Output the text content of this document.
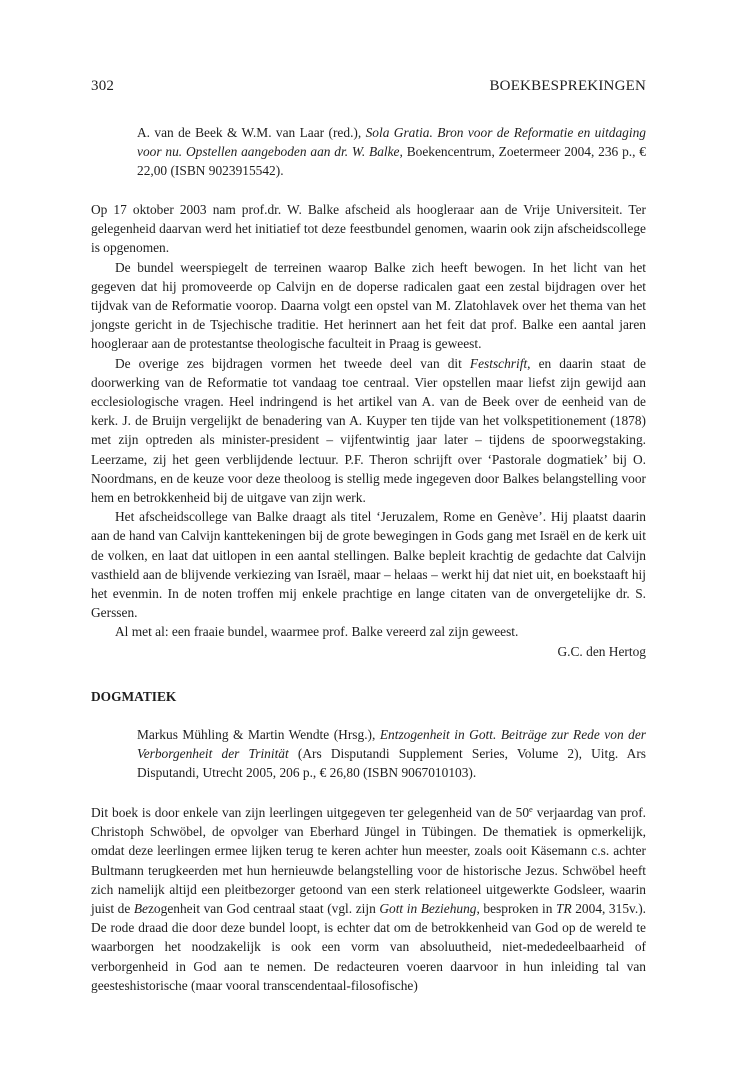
302	BOEKBESPREKINGEN

A. van de Beek & W.M. van Laar (red.), Sola Gratia. Bron voor de Reformatie en uitdaging voor nu. Opstellen aangeboden aan dr. W. Balke, Boekencentrum, Zoetermeer 2004, 236 p., € 22,00 (ISBN 9023915542).

Op 17 oktober 2003 nam prof.dr. W. Balke afscheid als hoogleraar aan de Vrije Universiteit. Ter gelegenheid daarvan werd het initiatief tot deze feestbundel genomen, waarin ook zijn afscheidscollege is opgenomen.

De bundel weerspiegelt de terreinen waarop Balke zich heeft bewogen. In het licht van het gegeven dat hij promoveerde op Calvijn en de doperse radicalen gaat een zestal bijdragen over het tijdvak van de Reformatie voorop. Daarna volgt een opstel van M. Zlatohlavek over het thema van het jongste gericht in de Tsjechische traditie. Het herinnert aan het feit dat prof. Balke een aantal jaren hoogleraar aan de protestantse theologische faculteit in Praag is geweest.

De overige zes bijdragen vormen het tweede deel van dit Festschrift, en daarin staat de doorwerking van de Reformatie tot vandaag toe centraal. Vier opstellen maar liefst zijn gewijd aan ecclesiologische vragen. Heel indringend is het artikel van A. van de Beek over de eenheid van de kerk. J. de Bruijn vergelijkt de benadering van A. Kuyper ten tijde van het volkspetitionement (1878) met zijn optreden als minister-president – vijfentwintig jaar later – tijdens de spoorwegstaking. Leerzame, zij het geen verblijdende lectuur. P.F. Theron schrijft over ‘Pastorale dogmatiek’ bij O. Noordmans, en de keuze voor deze theoloog is stellig mede ingegeven door Balkes belangstelling voor hem en betrokkenheid bij de uitgave van zijn werk.

Het afscheidscollege van Balke draagt als titel ‘Jeruzalem, Rome en Genève’. Hij plaatst daarin aan de hand van Calvijn kanttekeningen bij de grote bewegingen in Gods gang met Israël en de kerk uit de volken, en laat dat uitlopen in een aantal stellingen. Balke bepleit krachtig de gedachte dat Calvijn vasthield aan de blijvende verkiezing van Israël, maar – helaas – werkt hij dat niet uit, en boekstaaft hij het evenmin. In de noten troffen mij enkele prachtige en lange citaten van de onvergetelijke dr. S. Gerssen.

Al met al: een fraaie bundel, waarmee prof. Balke vereerd zal zijn geweest.

G.C. den Hertog

DOGMATIEK

Markus Mühling & Martin Wendte (Hrsg.), Entzogenheit in Gott. Beiträge zur Rede von der Verborgenheit der Trinität (Ars Disputandi Supplement Series, Volume 2), Uitg. Ars Disputandi, Utrecht 2005, 206 p., € 26,80 (ISBN 9067010103).

Dit boek is door enkele van zijn leerlingen uitgegeven ter gelegenheid van de 50e verjaardag van prof. Christoph Schwöbel, de opvolger van Eberhard Jüngel in Tübingen. De thematiek is opmerkelijk, omdat deze leerlingen ermee lijken terug te keren achter hun meester, zoals ooit Käsemann c.s. achter Bultmann terugkeerden met hun hernieuwde belangstelling voor de historische Jezus. Schwöbel heeft zich namelijk altijd een pleitbezorger getoond van een sterk relationeel uitgewerkte Godsleer, waarin juist de Bezogenheit van God centraal staat (vgl. zijn Gott in Beziehung, besproken in TR 2004, 315v.). De rode draad die door deze bundel loopt, is echter dat om de betrokkenheid van God op de wereld te waarborgen het noodzakelijk is ook een vorm van absoluutheid, niet-mededeelbaarheid of verborgenheid in God aan te nemen. De redacteuren voeren daarvoor in hun inleiding tal van geesteshistorische (maar vooral transcendentaal-filosofische)
